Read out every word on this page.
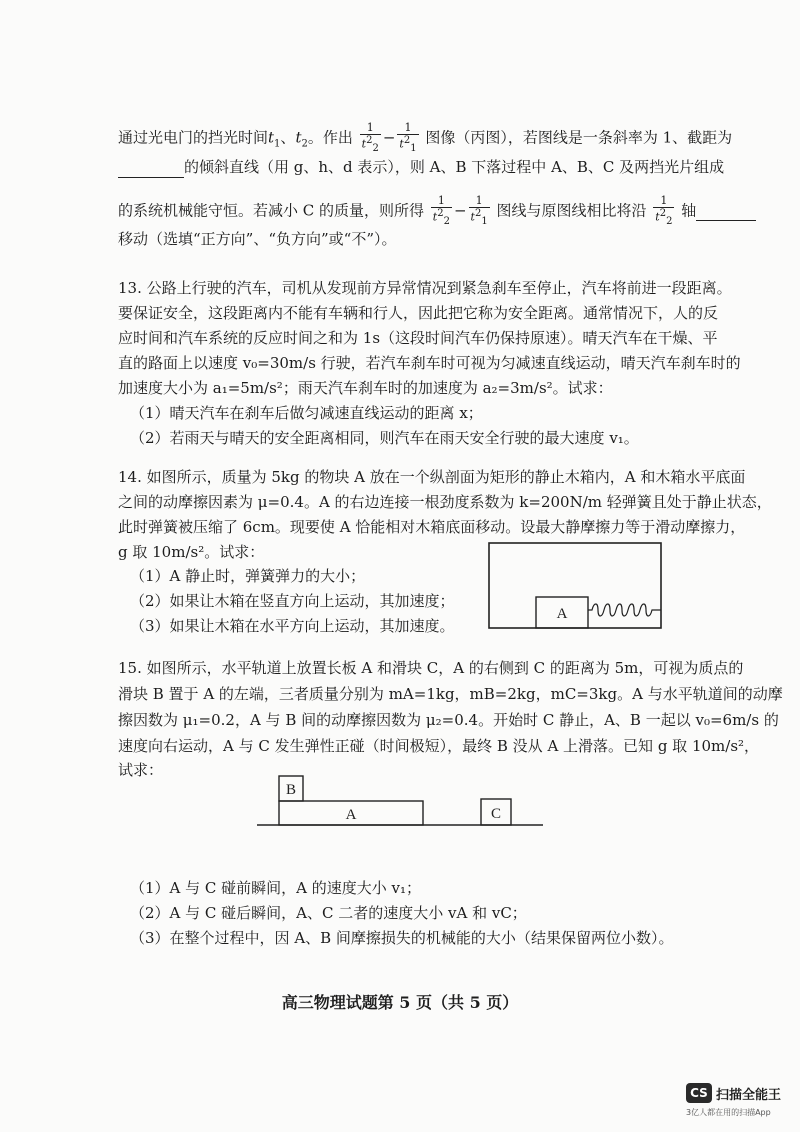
通过光电门的挡光时间$t_1$、$t_2$。作出 $\frac{1}{t^2_2} - \frac{1}{t^2_1}$ 图像（丙图），若图线是一条斜率为 1、截距为
的倾斜直线（用 g、h、d 表示），则 A、B 下落过程中 A、B、C 及两挡光片组成
的系统机械能守恒。若减小 C 的质量，则所得 $\frac{1}{t^2_2} - \frac{1}{t^2_1}$ 图线与原图线相比将沿 $\frac{1}{t^2_2}$ 轴
移动（选填“正方向”、“负方向”或“不”）。
13. 公路上行驶的汽车，司机从发现前方异常情况到紧急刹车至停止，汽车将前进一段距离。
要保证安全，这段距离内不能有车辆和行人，因此把它称为安全距离。通常情况下，人的反
应时间和汽车系统的反应时间之和为 1s（这段时间汽车仍保持原速）。晴天汽车在干燥、平
直的路面上以速度 v₀=30m/s 行驶，若汽车刹车时可视为匀减速直线运动，晴天汽车刹车时的
加速度大小为 a₁=5m/s²；雨天汽车刹车时的加速度为 a₂=3m/s²。试求：
（1）晴天汽车在刹车后做匀减速直线运动的距离 x；
（2）若雨天与晴天的安全距离相同，则汽车在雨天安全行驶的最大速度 v₁。
14. 如图所示，质量为 5kg 的物块 A 放在一个纵剖面为矩形的静止木箱内，A 和木箱水平底面
之间的动摩擦因素为 μ=0.4。A 的右边连接一根劲度系数为 k=200N/m 轻弹簧且处于静止状态，
此时弹簧被压缩了 6cm。现要使 A 恰能相对木箱底面移动。设最大静摩擦力等于滑动摩擦力，
g 取 10m/s²。试求：
（1）A 静止时，弹簧弹力的大小；
（2）如果让木箱在竖直方向上运动，其加速度；
（3）如果让木箱在水平方向上运动，其加速度。
A
15. 如图所示，水平轨道上放置长板 A 和滑块 C，A 的右侧到 C 的距离为 5m，可视为质点的
滑块 B 置于 A 的左端，三者质量分别为 mA=1kg，mB=2kg，mC=3kg。A 与水平轨道间的动摩
擦因数为 μ₁=0.2，A 与 B 间的动摩擦因数为 μ₂=0.4。开始时 C 静止，A、B 一起以 v₀=6m/s 的
速度向右运动，A 与 C 发生弹性正碰（时间极短），最终 B 没从 A 上滑落。已知 g 取 10m/s²，
试求：
A
B
C
（1）A 与 C 碰前瞬间，A 的速度大小 v₁；
（2）A 与 C 碰后瞬间，A、C 二者的速度大小 vA 和 vC；
（3）在整个过程中，因 A、B 间摩擦损失的机械能的大小（结果保留两位小数）。
高三物理试题第 5 页（共 5 页）
CS 扫描全能王
3亿人都在用的扫描App
